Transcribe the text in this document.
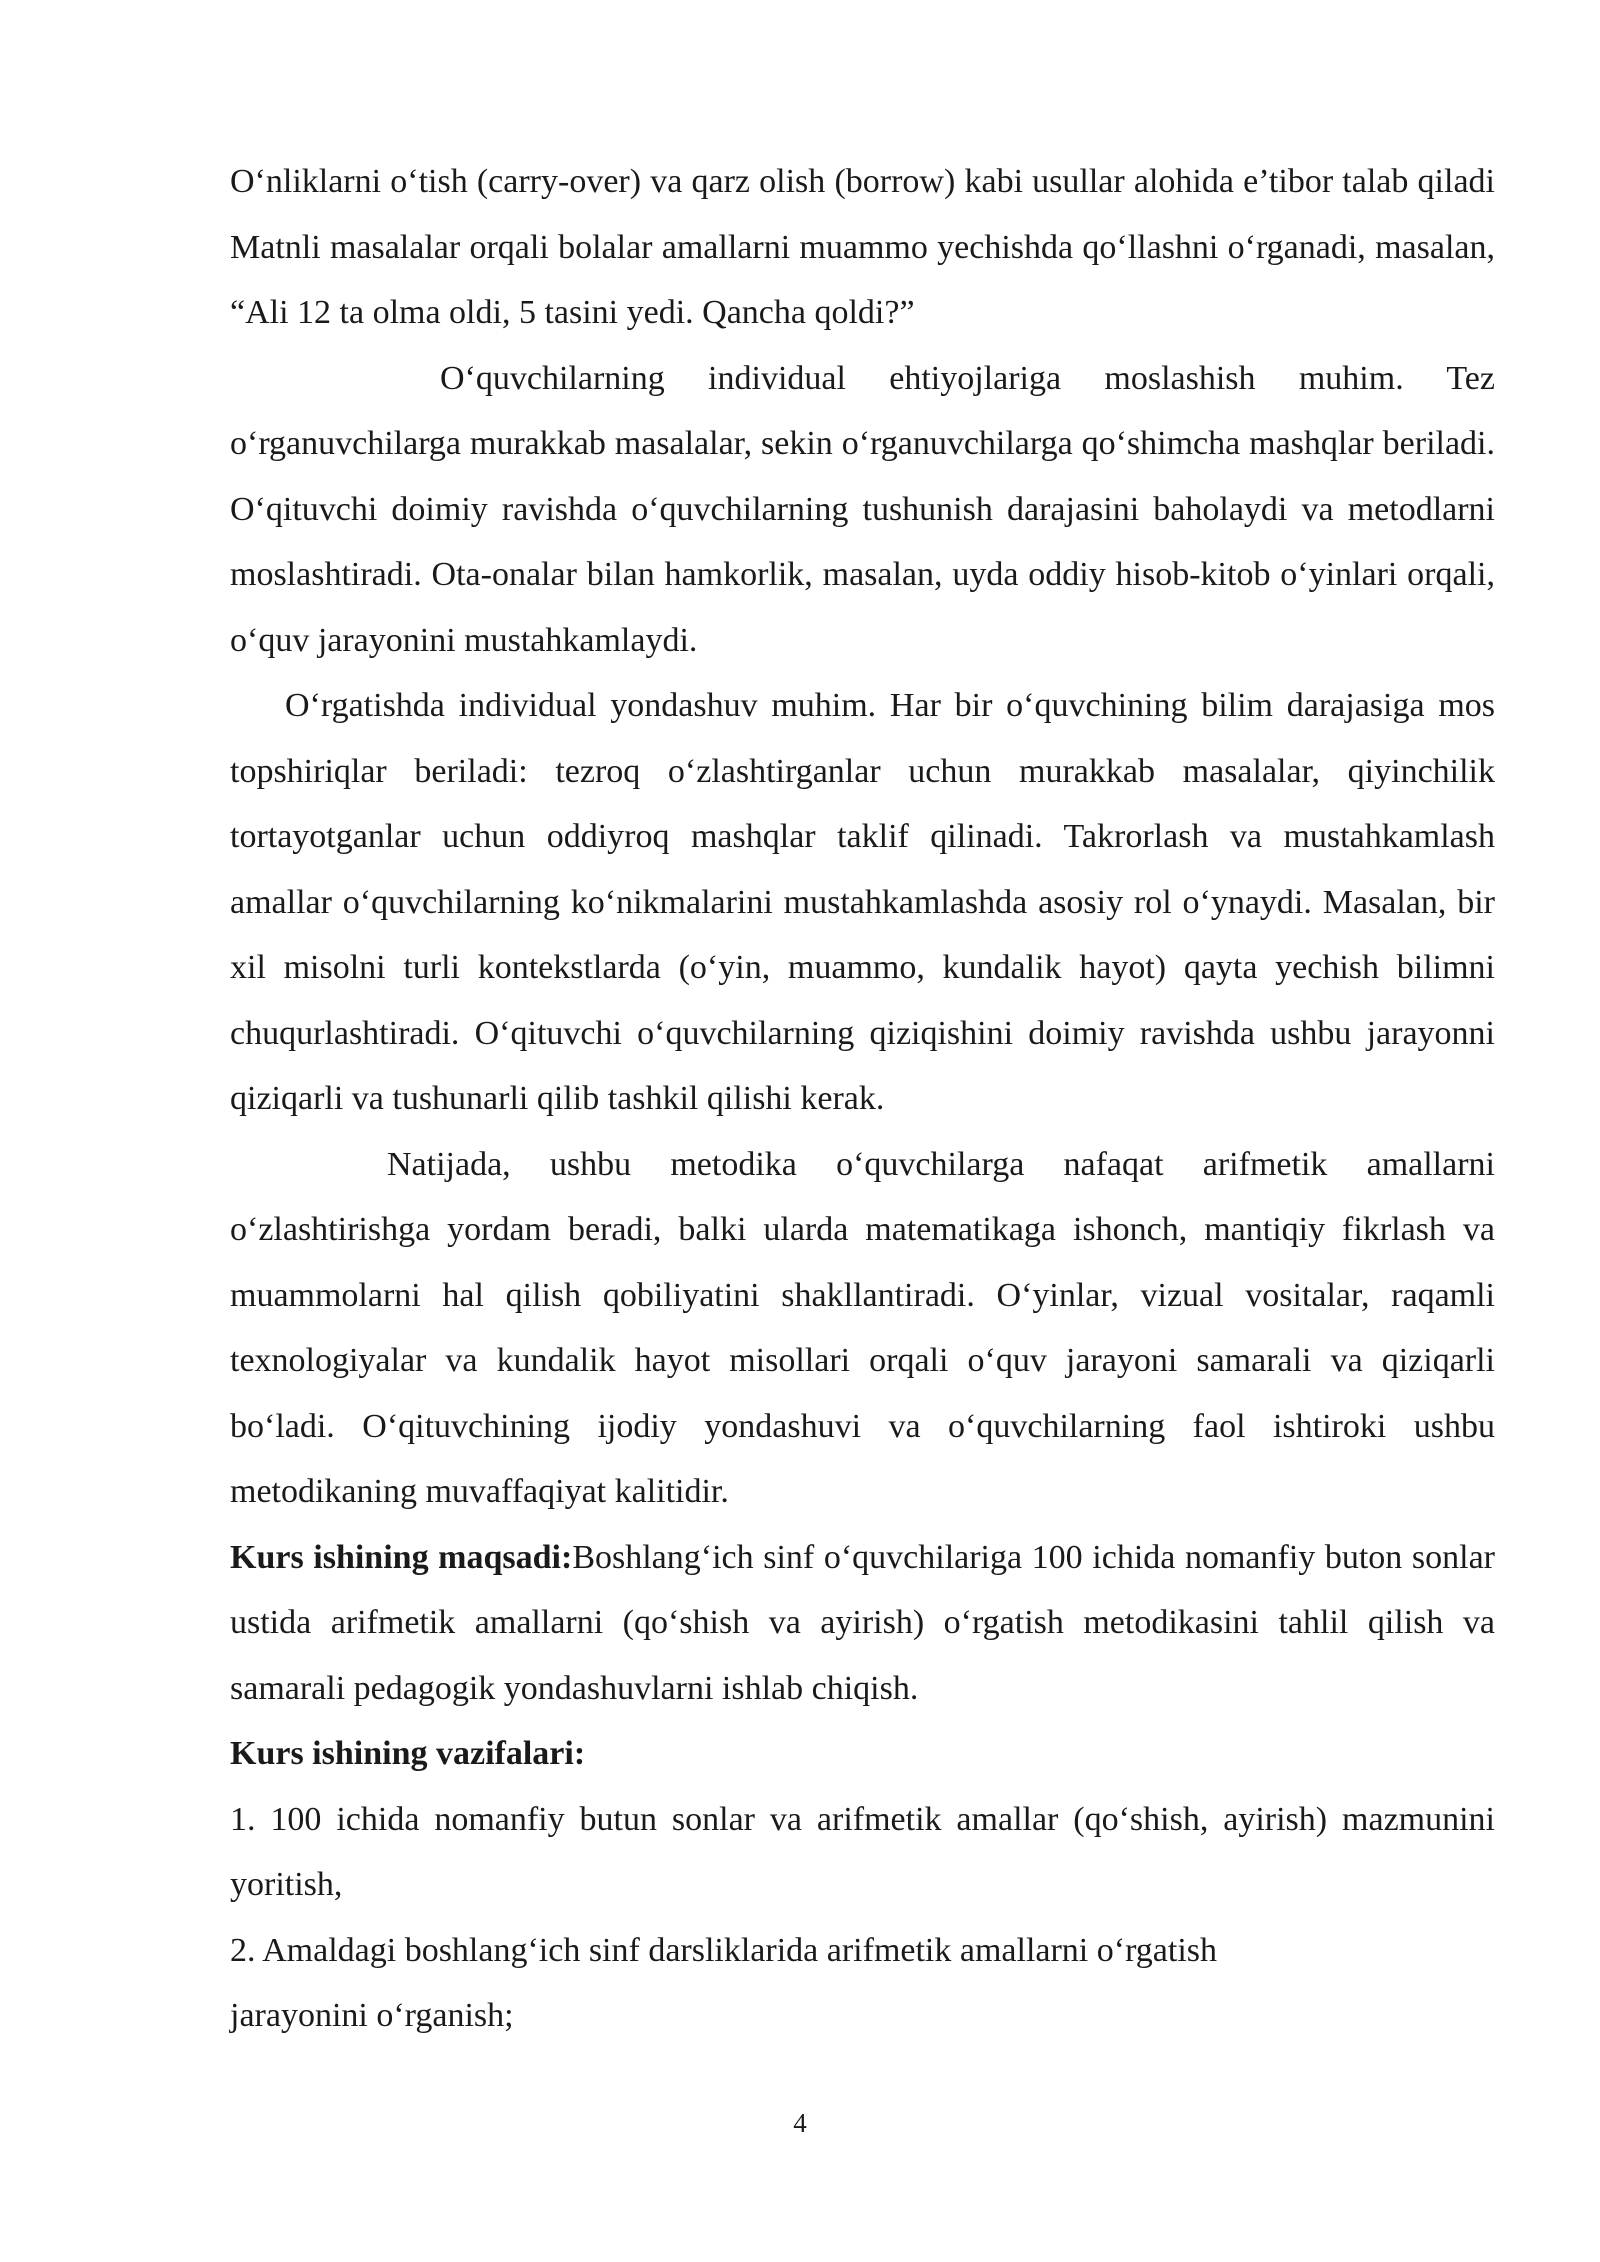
O‘nliklarni o‘tish (carry-over) va qarz olish (borrow) kabi usullar alohida e’tibor talab qiladi Matnli masalalar orqali bolalar amallarni muammo yechishda qo‘llashni o‘rganadi, masalan, “Ali 12 ta olma oldi, 5 tasini yedi. Qancha qoldi?”

O‘quvchilarning individual ehtiyojlariga moslashish muhim. Tez o‘rganuvchilarga murakkab masalalar, sekin o‘rganuvchilarga qo‘shimcha mashqlar beriladi. O‘qituvchi doimiy ravishda o‘quvchilarning tushunish darajasini baholaydi va metodlarni moslashtiradi. Ota-onalar bilan hamkorlik, masalan, uyda oddiy hisob-kitob o‘yinlari orqali, o‘quv jarayonini mustahkamlaydi.

O‘rgatishda individual yondashuv muhim. Har bir o‘quvchining bilim darajasiga mos topshiriqlar beriladi: tezroq o‘zlashtirganlar uchun murakkab masalalar, qiyinchilik tortayotganlar uchun oddiyroq mashqlar taklif qilinadi. Takrorlash va mustahkamlash amallar o‘quvchilarning ko‘nikmalarini mustahkamlashda asosiy rol o‘ynaydi. Masalan, bir xil misolni turli kontekstlarda (o‘yin, muammo, kundalik hayot) qayta yechish bilimni chuqurlashtiradi. O‘qituvchi o‘quvchilarning qiziqishini doimiy ravishda ushbu jarayonni qiziqarli va tushunarli qilib tashkil qilishi kerak.

Natijada, ushbu metodika o‘quvchilarga nafaqat arifmetik amallarni o‘zlashtirishga yordam beradi, balki ularda matematikaga ishonch, mantiqiy fikrlash va muammolarni hal qilish qobiliyatini shakllantiradi. O‘yinlar, vizual vositalar, raqamli texnologiyalar va kundalik hayot misollari orqali o‘quv jarayoni samarali va qiziqarli bo‘ladi. O‘qituvchining ijodiy yondashuvi va o‘quvchilarning faol ishtiroki ushbu metodikaning muvaffaqiyat kalitidir.

Kurs ishining maqsadi:Boshlang‘ich sinf o‘quvchilariga 100 ichida nomanfiy buton sonlar ustida arifmetik amallarni (qo‘shish va ayirish) o‘rgatish metodikasini tahlil qilish va samarali pedagogik yondashuvlarni ishlab chiqish.

Kurs ishining vazifalari:

1. 100 ichida nomanfiy butun sonlar va arifmetik amallar (qo‘shish, ayirish) mazmunini yoritish,

2. Amaldagi boshlang‘ich sinf darsliklarida arifmetik amallarni o‘rgatish

jarayonini o‘rganish;

4
